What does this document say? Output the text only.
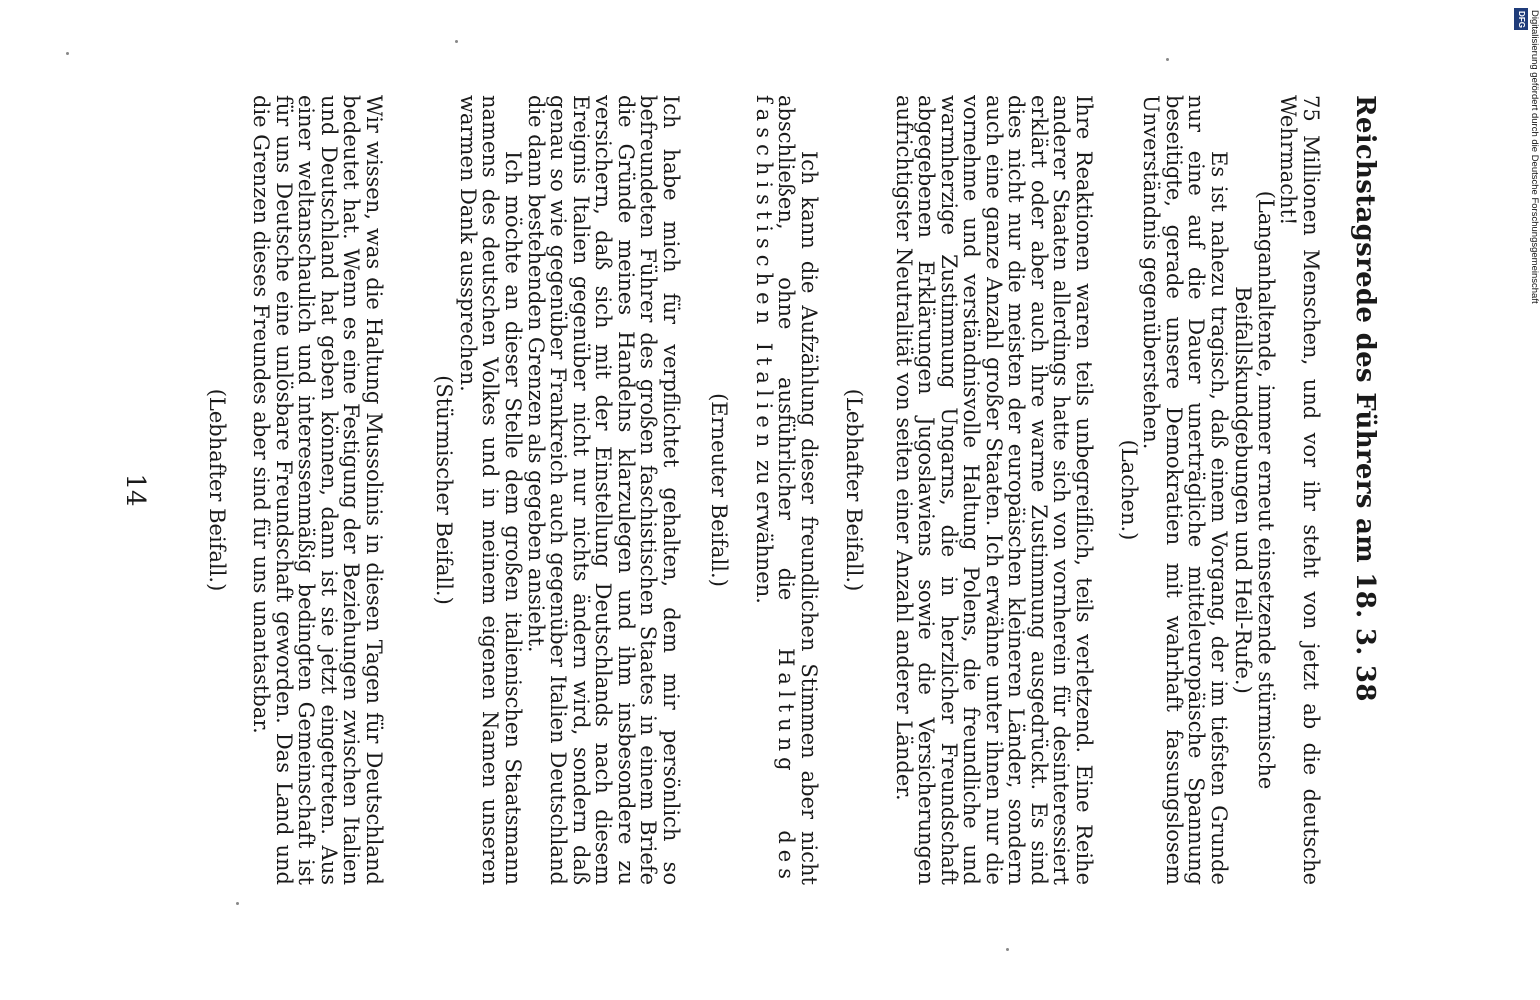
Reichstagsrede des Führers am 18. 3. 38
75 Millionen Menschen, und vor ihr steht von jetzt ab die deutsche Wehrmacht!
(Langanhaltende, immer erneut einsetzende stürmische Beifallskundgebungen und Heil-Rufe.)
Es ist nahezu tragisch, daß einem Vorgang, der im tiefsten Grunde nur eine auf die Dauer unerträgliche mitteleuropäische Spannung beseitigte, gerade unsere Demokratien mit wahrhaft fassungslosem Unverständnis gegenüberstehen.
(Lachen.)
Ihre Reaktionen waren teils unbegreiflich, teils verletzend. Eine Reihe anderer Staaten allerdings hatte sich von vornherein für desinteressiert erklärt oder aber auch ihre warme Zustimmung ausgedrückt. Es sind dies nicht nur die meisten der europäischen kleineren Länder, sondern auch eine ganze Anzahl großer Staaten. Ich erwähne unter ihnen nur die vornehme und verständnisvolle Haltung Polens, die freundliche und warmherzige Zustimmung Ungarns, die in herzlicher Freundschaft abgegebenen Erklärungen Jugoslawiens sowie die Versicherungen aufrichtigster Neutralität von seiten einer Anzahl anderer Länder.
(Lebhafter Beifall.)
Ich kann die Aufzählung dieser freundlichen Stimmen aber nicht abschließen, ohne ausführlicher die Haltung des faschistischen Italien zu erwähnen.
(Erneuter Beifall.)
Ich habe mich für verpflichtet gehalten, dem mir persönlich so befreundeten Führer des großen faschistischen Staates in einem Briefe die Gründe meines Handelns klarzulegen und ihm insbesondere zu versichern, daß sich mit der Einstellung Deutschlands nach diesem Ereignis Italien gegenüber nicht nur nichts ändern wird, sondern daß genau so wie gegenüber Frankreich auch gegenüber Italien Deutschland die dann bestehenden Grenzen als gegeben ansieht.
Ich möchte an dieser Stelle dem großen italienischen Staatsmann namens des deutschen Volkes und in meinem eigenen Namen unseren warmen Dank aussprechen.
(Stürmischer Beifall.)
Wir wissen, was die Haltung Mussolinis in diesen Tagen für Deutschland bedeutet hat. Wenn es eine Festigung der Beziehungen zwischen Italien und Deutschland hat geben können, dann ist sie jetzt eingetreten. Aus einer weltanschaulich und interessenmäßig bedingten Gemeinschaft ist für uns Deutsche eine unlösbare Freundschaft geworden. Das Land und die Grenzen dieses Freundes aber sind für uns unantastbar.
(Lebhafter Beifall.)
14
DFG Digitalisierung gefördert durch die Deutsche Forschungsgemeinschaft
